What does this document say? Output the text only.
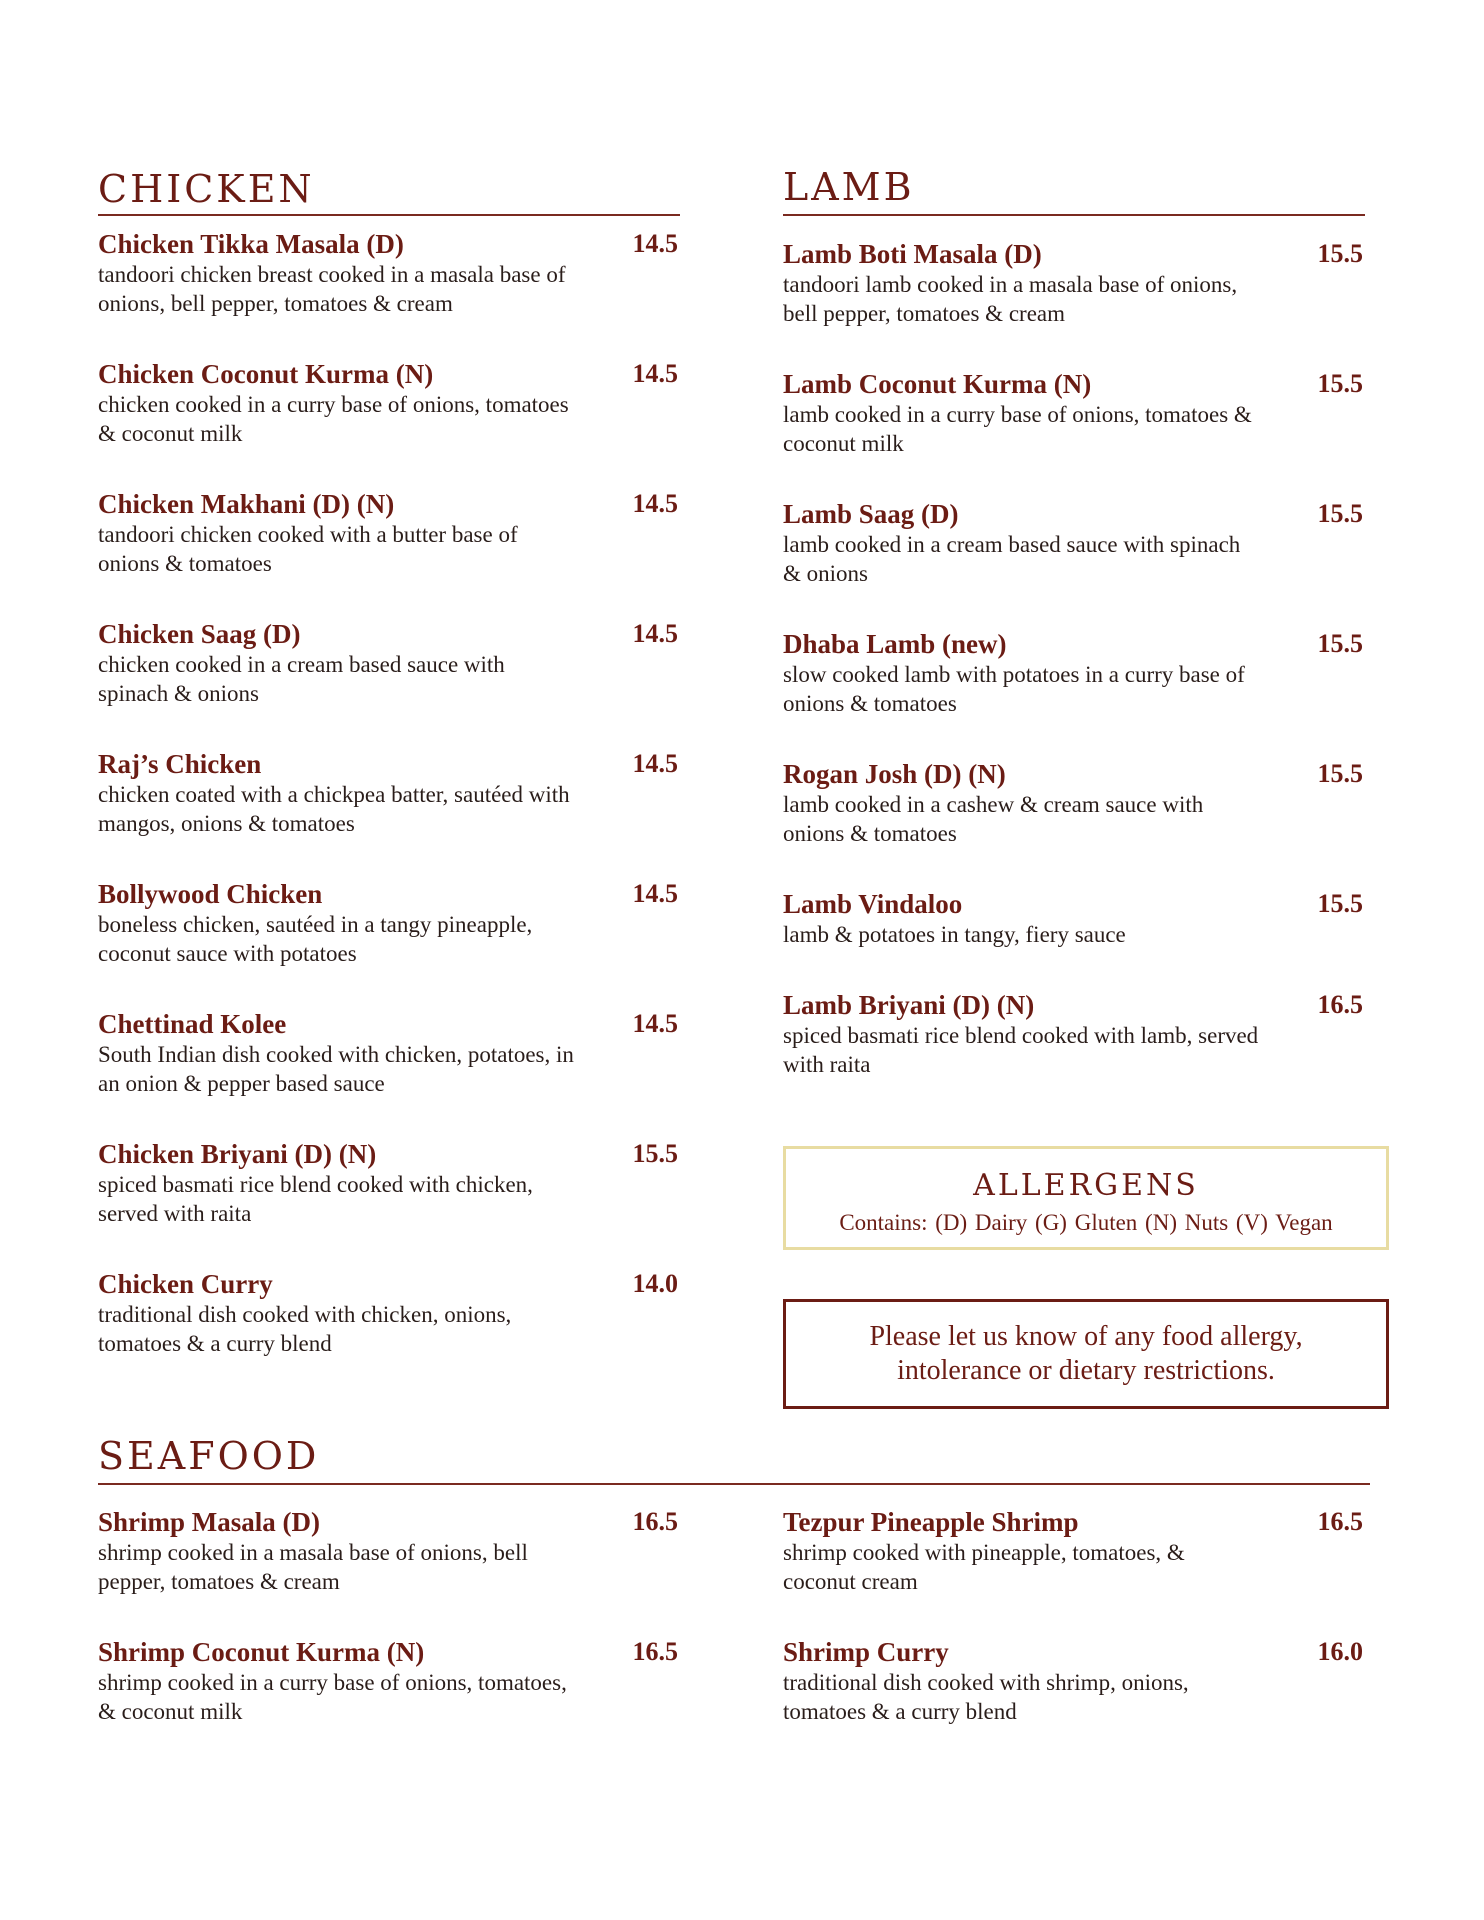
CHICKEN
Chicken Tikka Masala (D)	14.5
tandoori chicken breast cooked in a masala base of onions, bell pepper, tomatoes & cream
Chicken Coconut Kurma (N)	14.5
chicken cooked in a curry base of onions, tomatoes & coconut milk
Chicken Makhani (D) (N)	14.5
tandoori chicken cooked with a butter base of onions & tomatoes
Chicken Saag (D)	14.5
chicken cooked in a cream based sauce with spinach & onions
Raj’s Chicken	14.5
chicken coated with a chickpea batter, sautéed with mangos, onions & tomatoes
Bollywood Chicken	14.5
boneless chicken, sautéed in a tangy pineapple, coconut sauce with potatoes
Chettinad Kolee	14.5
South Indian dish cooked with chicken, potatoes, in an onion & pepper based sauce
Chicken Briyani (D) (N)	15.5
spiced basmati rice blend cooked with chicken, served with raita
Chicken Curry	14.0
traditional dish cooked with chicken, onions, tomatoes & a curry blend
LAMB
Lamb Boti Masala (D)	15.5
tandoori lamb cooked in a masala base of onions, bell pepper, tomatoes & cream
Lamb Coconut Kurma (N)	15.5
lamb cooked in a curry base of onions, tomatoes & coconut milk
Lamb Saag (D)	15.5
lamb cooked in a cream based sauce with spinach & onions
Dhaba Lamb (new)	15.5
slow cooked lamb with potatoes in a curry base of onions & tomatoes
Rogan Josh (D) (N)	15.5
lamb cooked in a cashew & cream sauce with onions & tomatoes
Lamb Vindaloo	15.5
lamb & potatoes in tangy, fiery sauce
Lamb Briyani (D) (N)	16.5
spiced basmati rice blend cooked with lamb, served with raita
ALLERGENS
Contains: (D) Dairy (G) Gluten (N) Nuts (V) Vegan
Please let us know of any food allergy, intolerance or dietary restrictions.
SEAFOOD
Shrimp Masala (D)	16.5
shrimp cooked in a masala base of onions, bell pepper, tomatoes & cream
Shrimp Coconut Kurma (N)	16.5
shrimp cooked in a curry base of onions, tomatoes, & coconut milk
Tezpur Pineapple Shrimp	16.5
shrimp cooked with pineapple, tomatoes, & coconut cream
Shrimp Curry	16.0
traditional dish cooked with shrimp, onions, tomatoes & a curry blend
